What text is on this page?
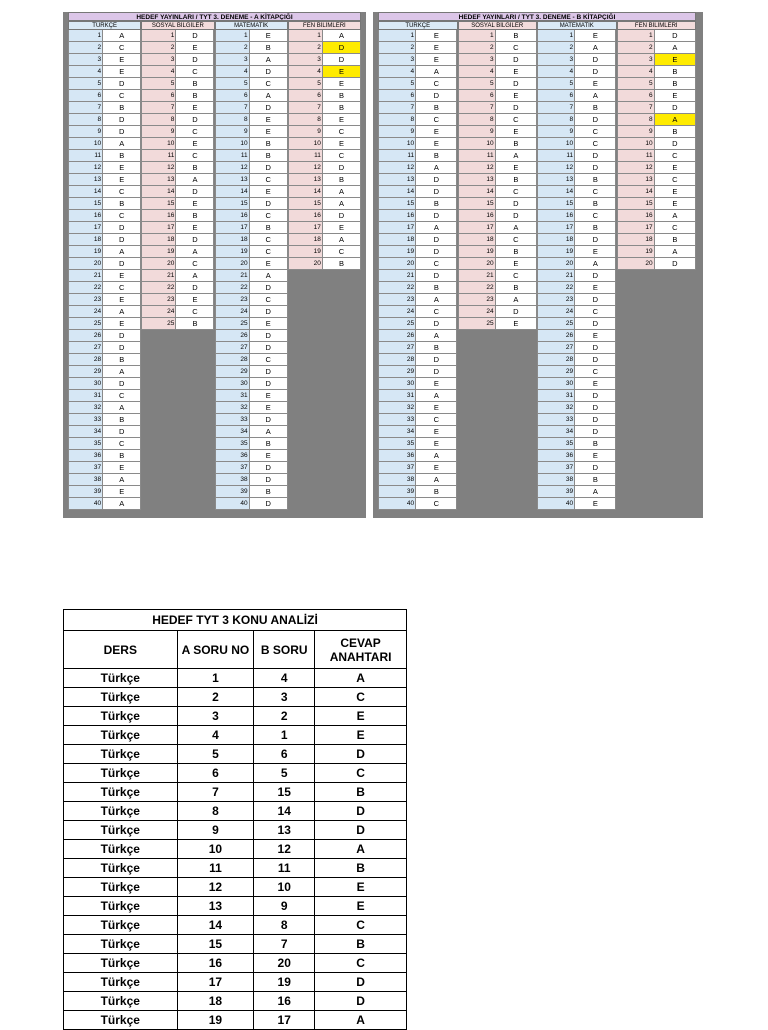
HEDEF YAYINLARI / TYT 3. DENEME - A KİTAPÇIĞI
TÜRKÇE	SOSYAL BİLGİLER	MATEMATİK	FEN BİLİMLERİ
1	A
2	C
3	E
4	E
5	D
6	C
7	B
8	D
9	D
10	A
11	B
12	E
13	E
14	C
15	B
16	C
17	D
18	D
19	A
20	D
21	E
22	C
23	E
24	A
25	E
26	D
27	D
28	B
29	A
30	D
31	C
32	A
33	B
34	D
35	C
36	B
37	E
38	A
39	E
40	A
1	D
2	E
3	D
4	C
5	B
6	B
7	E
8	D
9	C
10	E
11	C
12	B
13	A
14	D
15	E
16	B
17	E
18	D
19	A
20	C
21	A
22	D
23	E
24	C
25	B
1	E
2	B
3	A
4	D
5	C
6	A
7	D
8	E
9	E
10	B
11	B
12	D
13	C
14	E
15	D
16	C
17	B
18	C
19	C
20	E
21	A
22	D
23	C
24	D
25	E
26	D
27	D
28	C
29	D
30	D
31	E
32	E
33	D
34	A
35	B
36	E
37	D
38	D
39	B
40	D
1	A
2	D
3	D
4	E
5	E
6	B
7	B
8	E
9	C
10	E
11	C
12	D
13	B
14	A
15	A
16	D
17	E
18	A
19	C
20	B
HEDEF YAYINLARI / TYT 3. DENEME - B KİTAPÇIĞI
TÜRKÇE	SOSYAL BİLGİLER	MATEMATİK	FEN BİLİMLERİ
1	E
2	E
3	E
4	A
5	C
6	D
7	B
8	C
9	E
10	E
11	B
12	A
13	D
14	D
15	B
16	D
17	A
18	D
19	D
20	C
21	D
22	B
23	A
24	C
25	D
26	A
27	B
28	D
29	D
30	E
31	A
32	E
33	C
34	E
35	E
36	A
37	E
38	A
39	B
40	C
1	B
2	C
3	D
4	E
5	D
6	E
7	D
8	C
9	E
10	B
11	A
12	E
13	B
14	C
15	D
16	D
17	A
18	C
19	B
20	E
21	C
22	B
23	A
24	D
25	E
1	E
2	A
3	D
4	D
5	E
6	A
7	B
8	D
9	C
10	C
11	D
12	D
13	B
14	C
15	B
16	C
17	B
18	D
19	E
20	A
21	D
22	E
23	D
24	C
25	D
26	E
27	D
28	D
29	C
30	E
31	D
32	D
33	D
34	D
35	B
36	E
37	D
38	B
39	A
40	E
1	D
2	A
3	E
4	B
5	B
6	E
7	D
8	A
9	B
10	D
11	C
12	E
13	C
14	E
15	E
16	A
17	C
18	B
19	A
20	D
HEDEF TYT 3 KONU ANALİZİ			
DERS	A SORU NO	B SORU	CEVAP ANAHTARI
Türkçe	1	4	A
Türkçe	2	3	C
Türkçe	3	2	E
Türkçe	4	1	E
Türkçe	5	6	D
Türkçe	6	5	C
Türkçe	7	15	B
Türkçe	8	14	D
Türkçe	9	13	D
Türkçe	10	12	A
Türkçe	11	11	B
Türkçe	12	10	E
Türkçe	13	9	E
Türkçe	14	8	C
Türkçe	15	7	B
Türkçe	16	20	C
Türkçe	17	19	D
Türkçe	18	16	D
Türkçe	19	17	A
